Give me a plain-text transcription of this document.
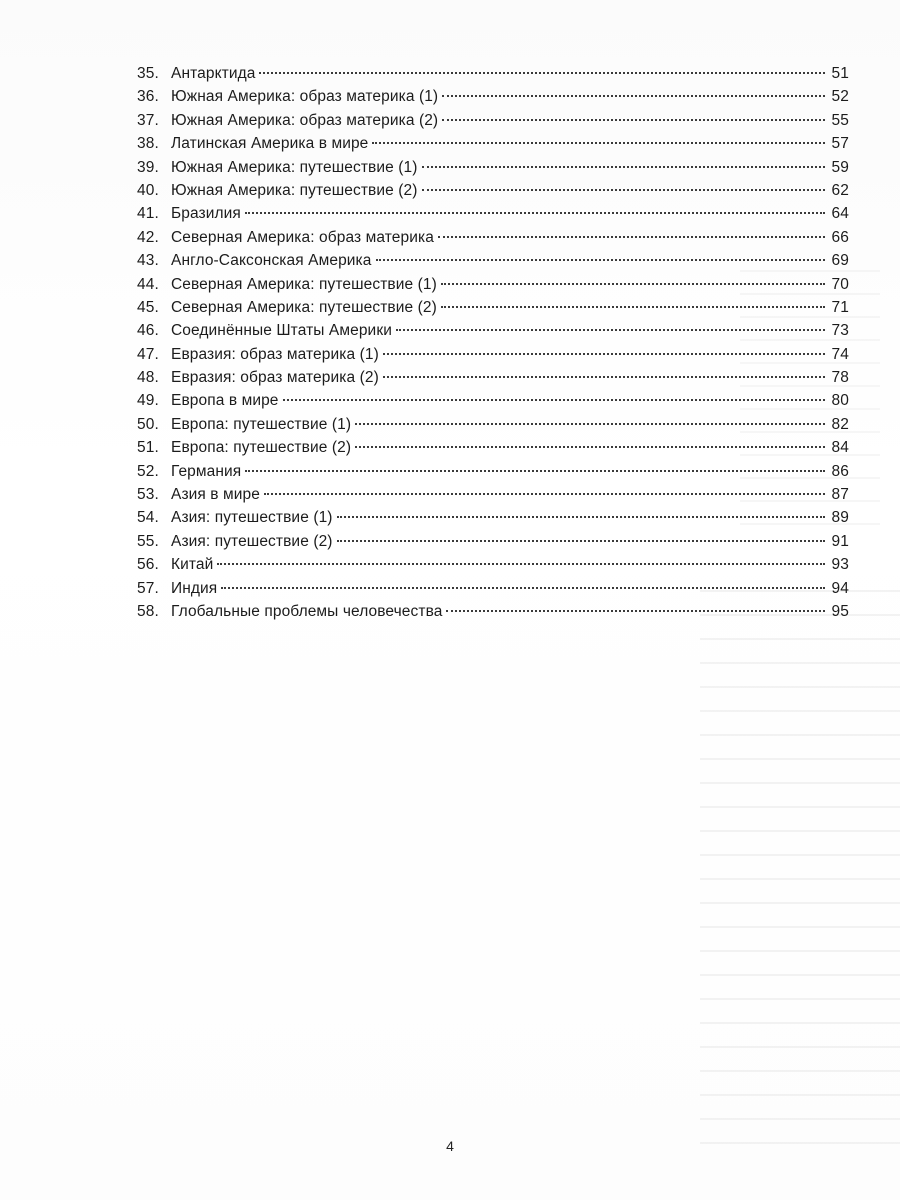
35. Антарктида	51
36. Южная Америка: образ материка (1)	52
37. Южная Америка: образ материка (2)	55
38. Латинская Америка в мире	57
39. Южная Америка: путешествие (1)	59
40. Южная Америка: путешествие (2)	62
41. Бразилия	64
42. Северная Америка: образ материка	66
43. Англо-Саксонская Америка	69
44. Северная Америка: путешествие (1)	70
45. Северная Америка: путешествие (2)	71
46. Соединённые Штаты Америки	73
47. Евразия: образ материка (1)	74
48. Евразия: образ материка (2)	78
49. Европа в мире	80
50. Европа: путешествие (1)	82
51. Европа: путешествие (2)	84
52. Германия	86
53. Азия в мире	87
54. Азия: путешествие (1)	89
55. Азия: путешествие (2)	91
56. Китай	93
57. Индия	94
58. Глобальные проблемы человечества	95
4
